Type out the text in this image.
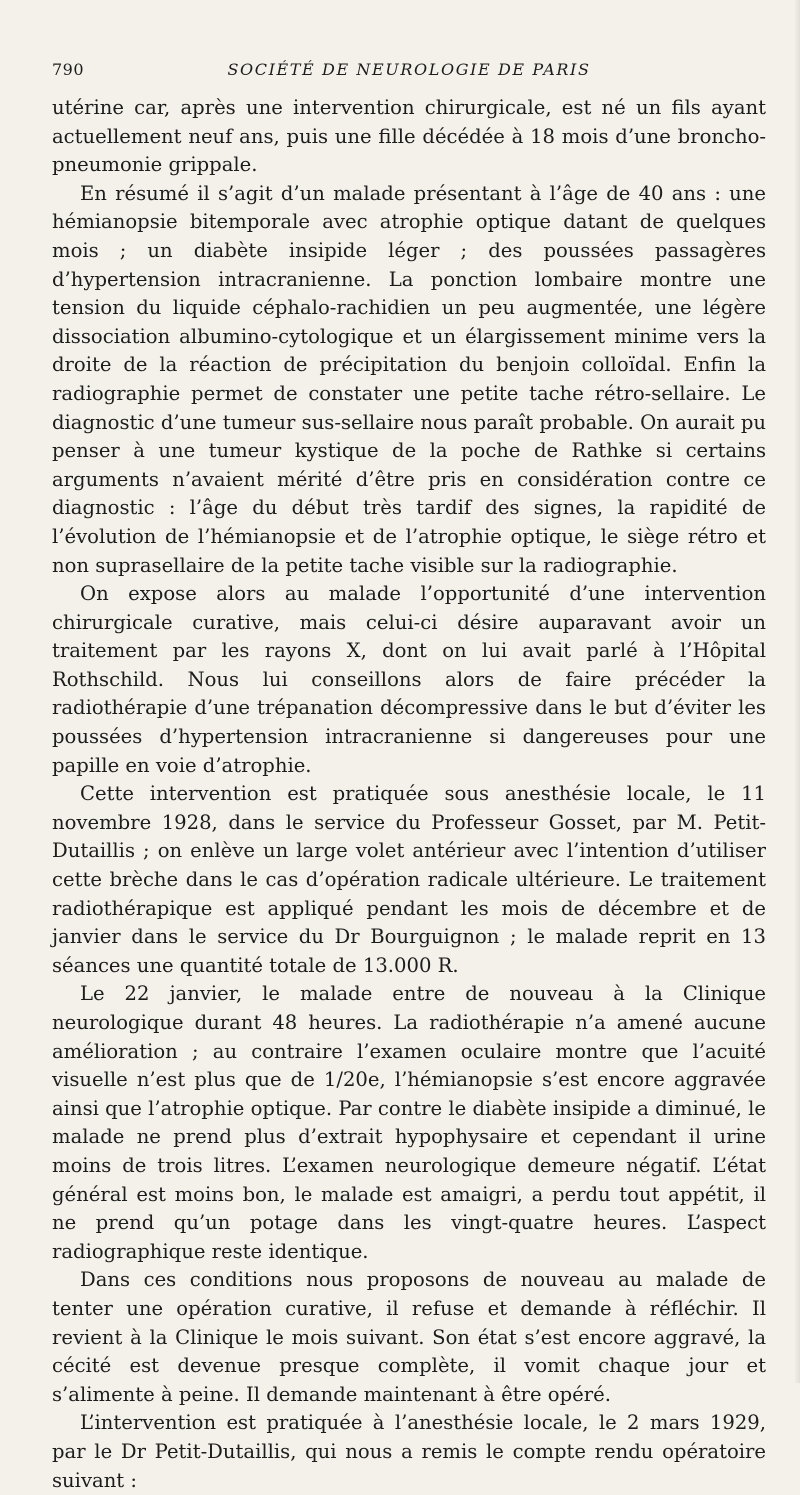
790	SOCIÉTÉ DE NEUROLOGIE DE PARIS

utérine car, après une intervention chirurgicale, est né un fils ayant actuellement neuf ans, puis une fille décédée à 18 mois d’une broncho-pneumonie grippale.

En résumé il s’agit d’un malade présentant à l’âge de 40 ans : une hémianopsie bitemporale avec atrophie optique datant de quelques mois ; un diabète insipide léger ; des poussées passagères d’hypertension intracranienne. La ponction lombaire montre une tension du liquide céphalo-rachidien un peu augmentée, une légère dissociation albumino-cytologique et un élargissement minime vers la droite de la réaction de précipitation du benjoin colloïdal. Enfin la radiographie permet de constater une petite tache rétro-sellaire. Le diagnostic d’une tumeur sus-sellaire nous paraît probable. On aurait pu penser à une tumeur kystique de la poche de Rathke si certains arguments n’avaient mérité d’être pris en considération contre ce diagnostic : l’âge du début très tardif des signes, la rapidité de l’évolution de l’hémianopsie et de l’atrophie optique, le siège rétro et non suprasellaire de la petite tache visible sur la radiographie.

On expose alors au malade l’opportunité d’une intervention chirurgicale curative, mais celui-ci désire auparavant avoir un traitement par les rayons X, dont on lui avait parlé à l’Hôpital Rothschild. Nous lui conseillons alors de faire précéder la radiothérapie d’une trépanation décompressive dans le but d’éviter les poussées d’hypertension intracranienne si dangereuses pour une papille en voie d’atrophie.

Cette intervention est pratiquée sous anesthésie locale, le 11 novembre 1928, dans le service du Professeur Gosset, par M. Petit-Dutaillis ; on enlève un large volet antérieur avec l’intention d’utiliser cette brèche dans le cas d’opération radicale ultérieure. Le traitement radiothérapique est appliqué pendant les mois de décembre et de janvier dans le service du Dr Bourguignon ; le malade reprit en 13 séances une quantité totale de 13.000 R.

Le 22 janvier, le malade entre de nouveau à la Clinique neurologique durant 48 heures. La radiothérapie n’a amené aucune amélioration ; au contraire l’examen oculaire montre que l’acuité visuelle n’est plus que de 1/20e, l’hémianopsie s’est encore aggravée ainsi que l’atrophie optique. Par contre le diabète insipide a diminué, le malade ne prend plus d’extrait hypophysaire et cependant il urine moins de trois litres. L’examen neurologique demeure négatif. L’état général est moins bon, le malade est amaigri, a perdu tout appétit, il ne prend qu’un potage dans les vingt-quatre heures. L’aspect radiographique reste identique.

Dans ces conditions nous proposons de nouveau au malade de tenter une opération curative, il refuse et demande à réfléchir. Il revient à la Clinique le mois suivant. Son état s’est encore aggravé, la cécité est devenue presque complète, il vomit chaque jour et s’alimente à peine. Il demande maintenant à être opéré.

L’intervention est pratiquée à l’anesthésie locale, le 2 mars 1929, par le Dr Petit-Dutaillis, qui nous a remis le compte rendu opératoire suivant :
